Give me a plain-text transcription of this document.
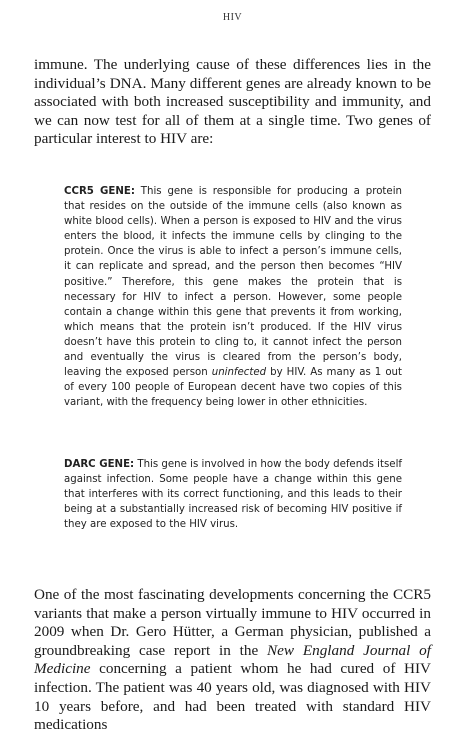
HIV

immune. The underlying cause of these differences lies in the individual’s DNA. Many different genes are already known to be associated with both increased susceptibility and immunity, and we can now test for all of them at a single time. Two genes of particular interest to HIV are:

CCR5 GENE: This gene is responsible for producing a protein that resides on the outside of the immune cells (also known as white blood cells). When a person is exposed to HIV and the virus enters the blood, it infects the immune cells by clinging to the protein. Once the virus is able to infect a person’s immune cells, it can replicate and spread, and the person then becomes “HIV positive.” Therefore, this gene makes the protein that is necessary for HIV to infect a person. However, some people contain a change within this gene that prevents it from working, which means that the protein isn’t produced. If the HIV virus doesn’t have this protein to cling to, it cannot infect the person and eventually the virus is cleared from the person’s body, leaving the exposed person uninfected by HIV. As many as 1 out of every 100 people of European decent have two copies of this variant, with the frequency being lower in other ethnicities.

DARC GENE: This gene is involved in how the body defends itself against infection. Some people have a change within this gene that interferes with its correct functioning, and this leads to their being at a substantially increased risk of becoming HIV positive if they are exposed to the HIV virus.

One of the most fascinating developments concerning the CCR5 variants that make a person virtually immune to HIV occurred in 2009 when Dr. Gero Hütter, a German physician, published a groundbreaking case report in the New England Journal of Medicine concerning a patient whom he had cured of HIV infection. The patient was 40 years old, was diagnosed with HIV 10 years before, and had been treated with standard HIV medications
